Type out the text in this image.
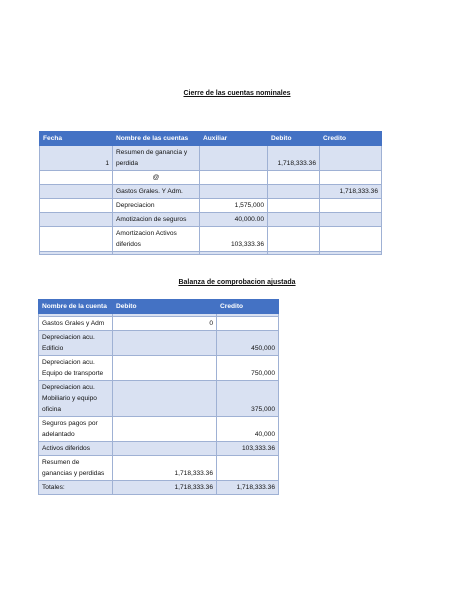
Cierre de las cuentas nominales
Fecha	Nombre de las cuentas	Auxiliar	Debito	Credito
1	Resumen de ganancia y perdida		1,718,333.36	
	@			
	Gastos Grales. Y Adm.			1,718,333.36
	Depreciacion	1,575,000		
	Amotizacion de seguros	40,000.00		
	Amortizacion Activos diferidos	103,333.36		

Balanza de comprobacion ajustada
Nombre de la cuenta	Debito	Credito

Gastos Grales y Adm	0	
Depreciacion acu. Edificio		450,000
Depreciacion acu. Equipo de transporte		750,000
Depreciacion acu. Mobiliario y equipo oficina		375,000
Seguros pagos por adelantado		40,000
Activos diferidos		103,333.36
Resumen de ganancias y perdidas	1,718,333.36	
Totales:	1,718,333.36	1,718,333.36
